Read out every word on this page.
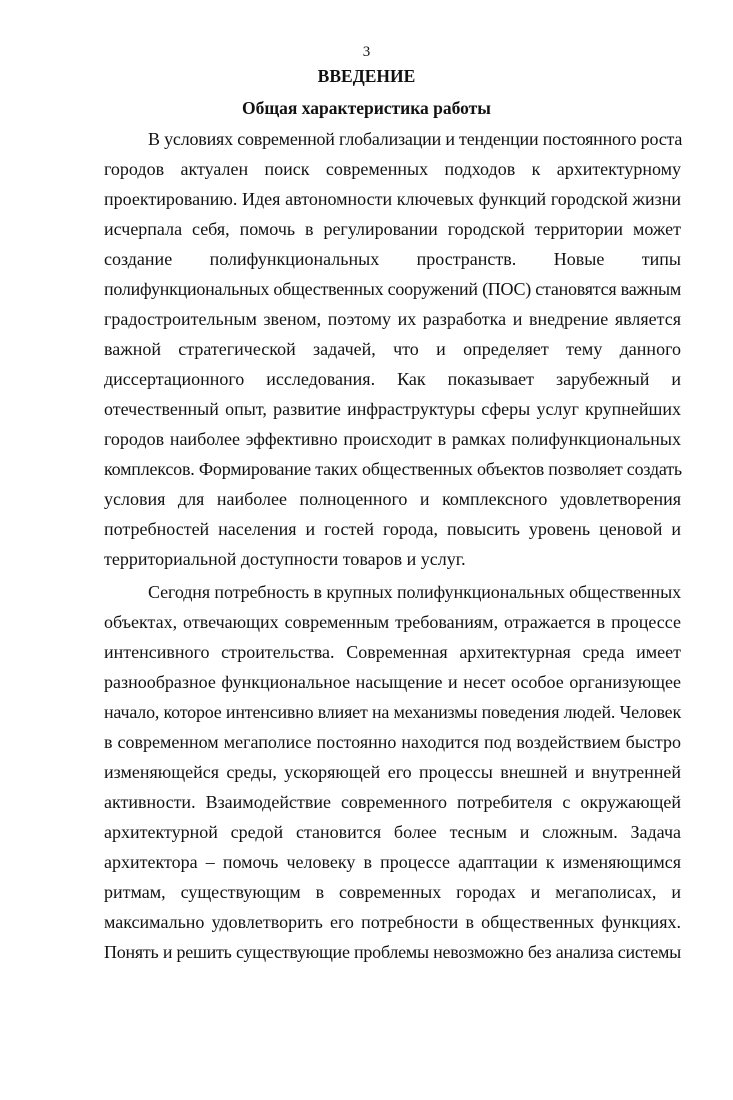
3
ВВЕДЕНИЕ
Общая характеристика работы
В условиях современной глобализации и тенденции постоянного роста
городов актуален поиск современных подходов к архитектурному
проектированию. Идея автономности ключевых функций городской жизни
исчерпала себя, помочь в регулировании городской территории может
создание полифункциональных пространств. Новые типы
полифункциональных общественных сооружений (ПОС) становятся важным
градостроительным звеном, поэтому их разработка и внедрение является
важной стратегической задачей, что и определяет тему данного
диссертационного исследования. Как показывает зарубежный и
отечественный опыт, развитие инфраструктуры сферы услуг крупнейших
городов наиболее эффективно происходит в рамках полифункциональных
комплексов. Формирование таких общественных объектов позволяет создать
условия для наиболее полноценного и комплексного удовлетворения
потребностей населения и гостей города, повысить уровень ценовой и
территориальной доступности товаров и услуг.
Сегодня потребность в крупных полифункциональных общественных
объектах, отвечающих современным требованиям, отражается в процессе
интенсивного строительства. Современная архитектурная среда имеет
разнообразное функциональное насыщение и несет особое организующее
начало, которое интенсивно влияет на механизмы поведения людей. Человек
в современном мегаполисе постоянно находится под воздействием быстро
изменяющейся среды, ускоряющей его процессы внешней и внутренней
активности. Взаимодействие современного потребителя с окружающей
архитектурной средой становится более тесным и сложным. Задача
архитектора – помочь человеку в процессе адаптации к изменяющимся
ритмам, существующим в современных городах и мегаполисах, и
максимально удовлетворить его потребности в общественных функциях.
Понять и решить существующие проблемы невозможно без анализа системы
